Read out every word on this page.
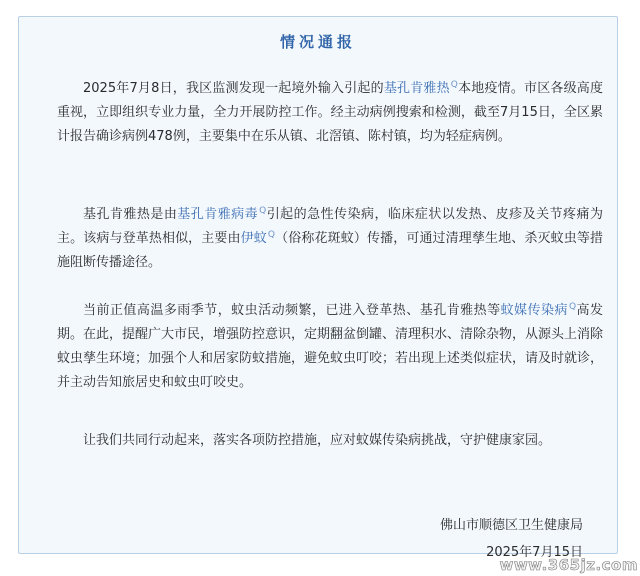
情况通报

2025年7月8日，我区监测发现一起境外输入引起的基孔肯雅热Q本地疫情。市区各级高度重视，立即组织专业力量，全力开展防控工作。经主动病例搜索和检测，截至7月15日，全区累计报告确诊病例478例，主要集中在乐从镇、北滘镇、陈村镇，均为轻症病例。

基孔肯雅热是由基孔肯雅病毒Q引起的急性传染病，临床症状以发热、皮疹及关节疼痛为主。该病与登革热相似，主要由伊蚊Q（俗称花斑蚊）传播，可通过清理孳生地、杀灭蚊虫等措施阻断传播途径。

当前正值高温多雨季节，蚊虫活动频繁，已进入登革热、基孔肯雅热等蚊媒传染病Q高发期。在此，提醒广大市民，增强防控意识，定期翻盆倒罐、清理积水、清除杂物，从源头上消除蚊虫孳生环境；加强个人和居家防蚊措施，避免蚊虫叮咬；若出现上述类似症状，请及时就诊，并主动告知旅居史和蚊虫叮咬史。

让我们共同行动起来，落实各项防控措施，应对蚊媒传染病挑战，守护健康家园。

佛山市顺德区卫生健康局
2025年7月15日
www.365jz.com
